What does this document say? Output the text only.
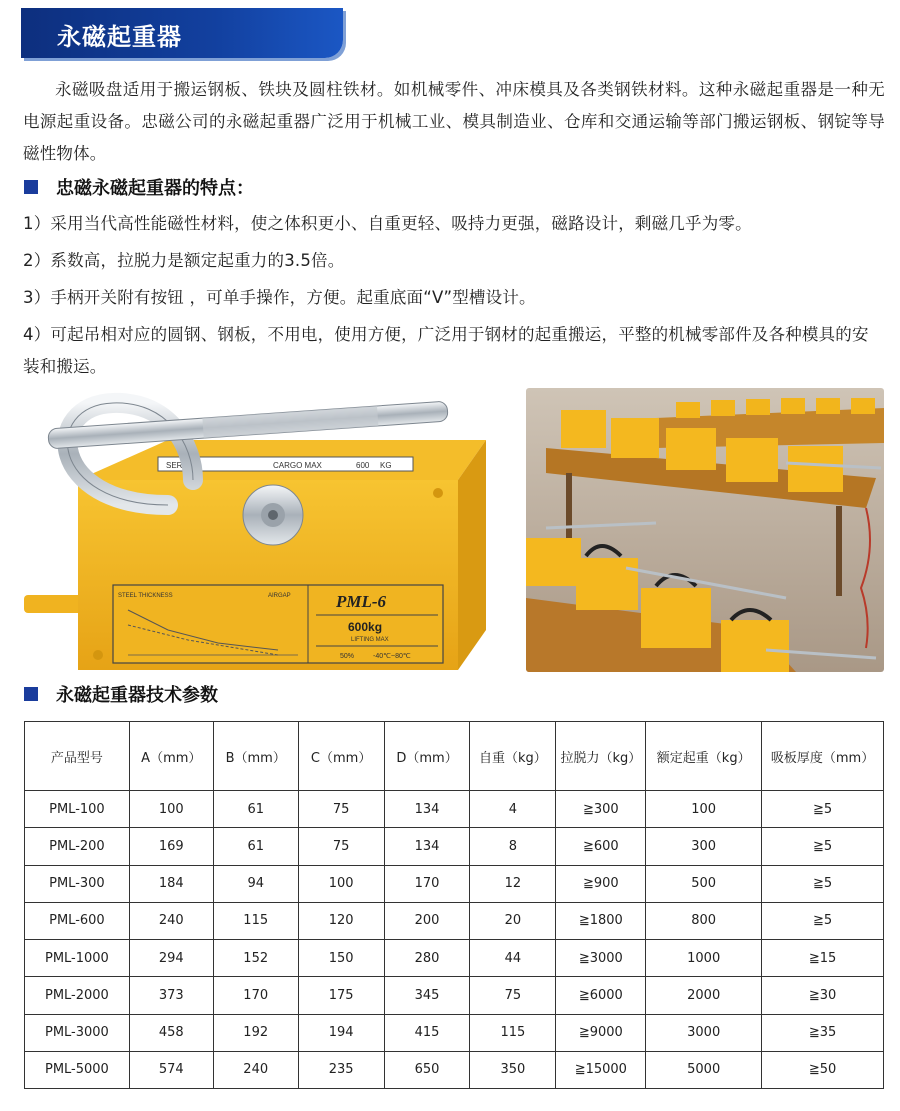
永磁起重器

永磁吸盘适用于搬运钢板、铁块及圆柱铁材。如机械零件、冲床模具及各类钢铁材料。这种永磁起重器是一种无电源起重设备。忠磁公司的永磁起重器广泛用于机械工业、模具制造业、仓库和交通运输等部门搬运钢板、钢锭等导磁性物体。

忠磁永磁起重器的特点：

1）采用当代高性能磁性材料，使之体积更小、自重更轻、吸持力更强，磁路设计，剩磁几乎为零。

2）系数高，拉脱力是额定起重力的3.5倍。

3）手柄开关附有按钮 ，可单手操作，方便。起重底面“V”型槽设计。

4）可起吊相对应的圆钢、钢板，不用电，使用方便，广泛用于钢材的起重搬运，平整的机械零部件及各种模具的安装和搬运。

SERIE	CARGO MAX	600 KG
STEEL THICKNESS	AIRGAP	PML-6
600kg
LIFTING MAX
50%	-40℃~80℃
永磁起重器技术参数
产品型号	A（mm）	B（mm）	C（mm）	D（mm）	自重（kg）	拉脱力（kg）	额定起重（kg）	吸板厚度（mm）
PML-100	100	61	75	134	4	≧300	100	≧5
PML-200	169	61	75	134	8	≧600	300	≧5
PML-300	184	94	100	170	12	≧900	500	≧5
PML-600	240	115	120	200	20	≧1800	800	≧5
PML-1000	294	152	150	280	44	≧3000	1000	≧15
PML-2000	373	170	175	345	75	≧6000	2000	≧30
PML-3000	458	192	194	415	115	≧9000	3000	≧35
PML-5000	574	240	235	650	350	≧15000	5000	≧50
